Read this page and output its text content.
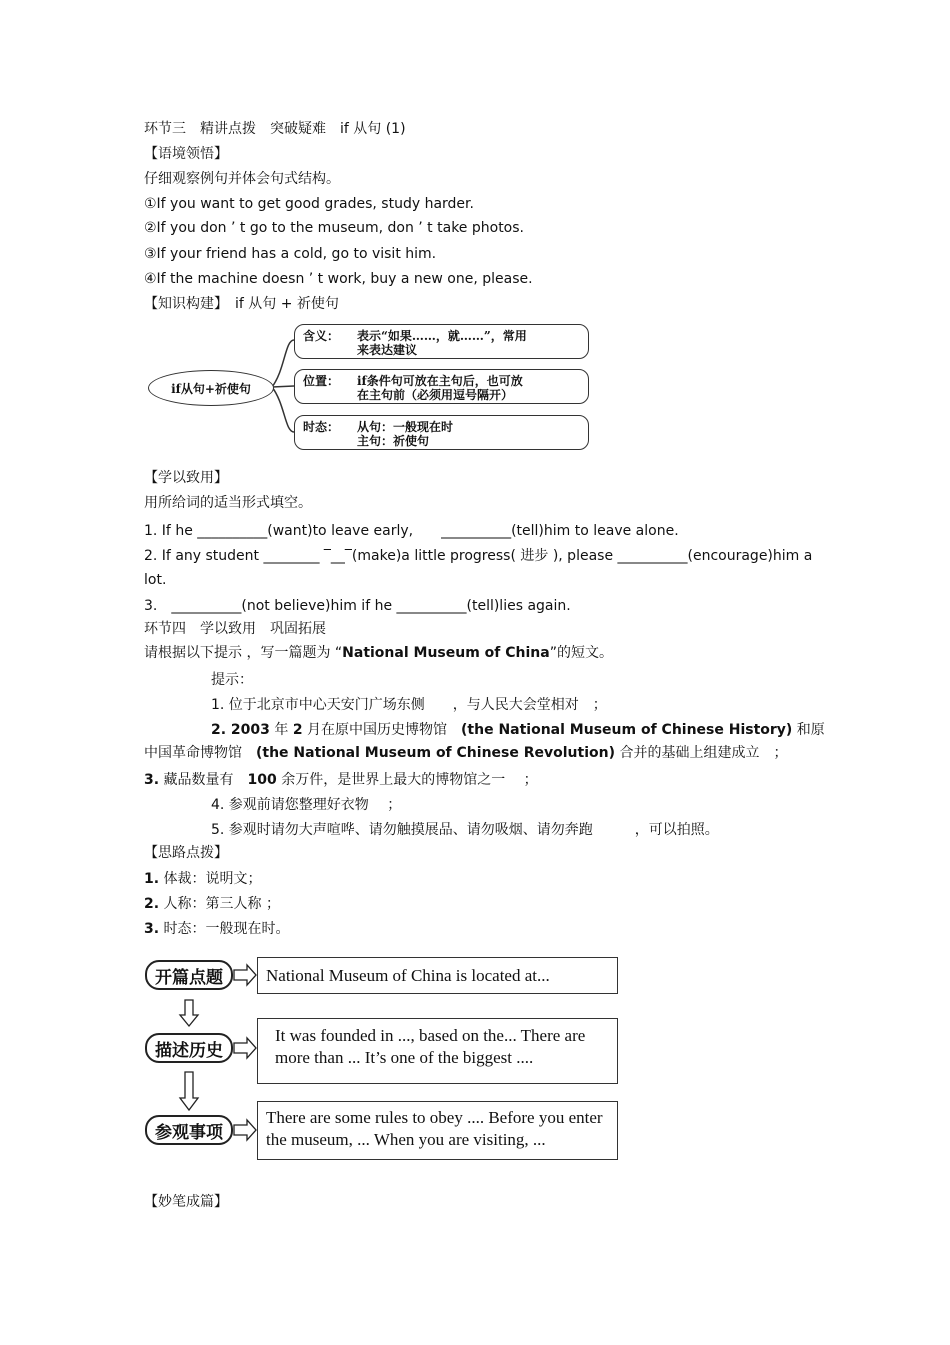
环节三　精讲点拨　突破疑难　if 从句 (1)
【语境领悟】
仔细观察例句并体会句式结构。
①If you want to get good grades, study harder.
②If you don ’ t go to the museum, don ’ t take photos.
③If your friend has a cold, go to visit him.
④If the machine doesn ’ t work, buy a new one, please.
【知识构建】　if 从句 + 祈使句
if从句+祈使句
含义： 表示“如果……，就……”，常用
来表达建议
位置： if条件句可放在主句后，也可放
在主句前（必须用逗号隔开）
时态： 从句：一般现在时
主句：祈使句
【学以致用】
用所给词的适当形式填空。
1. If he __________(want)to leave early,　　__________(tell)him to leave alone.
2. If any student ________ ‾__‾(make)a little progress( 进步 ), please __________(encourage)him a
lot.
3.　__________(not believe)him if he __________(tell)lies again.
环节四　学以致用　巩固拓展
请根据以下提示 ，写一篇题为 “National Museum of China”的短文。
提示：
1. 位于北京市中心天安门广场东侧　　，与人民大会堂相对　；
2. 2003 年 2 月在原中国历史博物馆　(the National Museum of Chinese History) 和原
中国革命博物馆　(the National Museum of Chinese Revolution) 合并的基础上组建成立　；
3. 藏品数量有　100 余万件，是世界上最大的博物馆之一　 ；
4. 参观前请您整理好衣物　 ；
5. 参观时请勿大声喧哗、请勿触摸展品、请勿吸烟、请勿奔跑　　　，可以拍照。
【思路点拨】
1. 体裁：说明文；
2. 人称：第三人称 ；
3. 时态：一般现在时。
开篇点题	National Museum of China is located at...
描述历史
It was founded in ..., based on the... There are more than ... It’s one of the biggest ....
参观事项
There are some rules to obey .... Before you enter the museum, ... When you are visiting, ...
【妙笔成篇】
